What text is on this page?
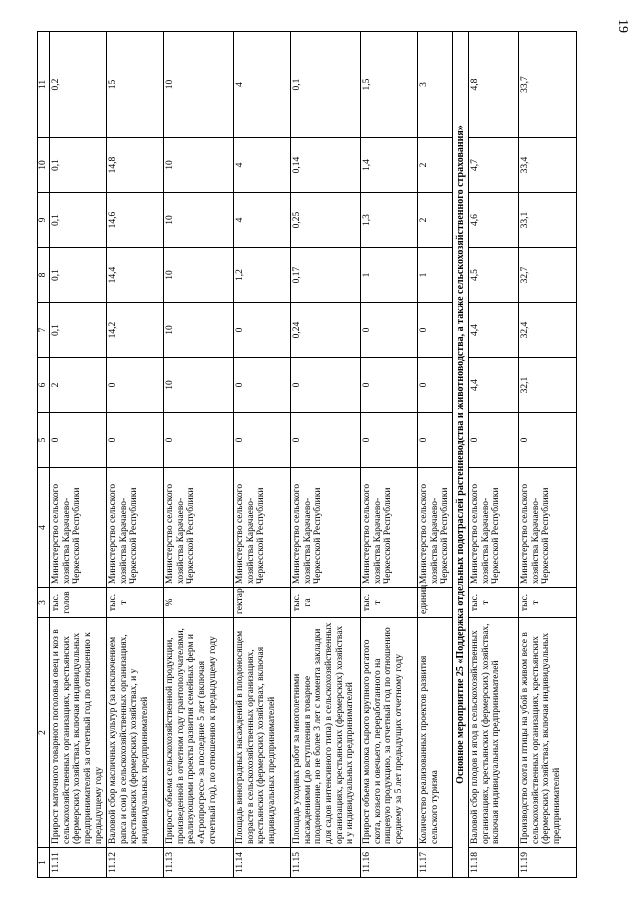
19
1	2	3	4	5	6	7	8	9	10	11
11.11	Прирост маточного товарного поголовья овец и коз в сельскохозяйственных организациях, крестьянских (фермерских) хозяйствах, включая индивидуальных предпринимателей за отчетный год по отношению к предыдущему году	тыс. голов	Министерство сельского хозяйства Карачаево-Черкесской Республики	0	2	0,1	0,1	0,1	0,1	0,2
11.12	Валовой сбор масличных культур (за исключением рапса и сои) в сельскохозяйственных организациях, крестьянских (фермерских) хозяйствах, и у индивидуальных предпринимателей	тыс. т	Министерство сельского хозяйства Карачаево-Черкесской Республики	0	0	14,2	14,4	14,6	14,8	15
11.13	Прирост объема сельскохозяйственной продукции, произведенной в отчетном году грантополучателями, реализующими проекты развития семейных ферм и «Агропрогресс» за последние 5 лет (включая отчетный год), по отношению к предыдущему году	%	Министерство сельского хозяйства Карачаево-Черкесской Республики	0	10	10	10	10	10	10
11.14	Площадь виноградных насаждений в плодоносящем возрасте в сельскохозяйственных организациях, крестьянских (фермерских) хозяйствах, включая индивидуальных предпринимателей	гектар	Министерство сельского хозяйства Карачаево-Черкесской Республики	0	0	0	1,2	4	4	4
11.15	Площадь уходных работ за многолетними насаждениями (до вступления в товарное плодоношение, но не более 3 лет с момента закладки для садов интенсивного типа) в сельскохозяйственных организациях, крестьянских (фермерских) хозяйствах и у индивидуальных предпринимателей	тыс. га	Министерство сельского хозяйства Карачаево-Черкесской Республики	0	0	0,24	0,17	0,25	0,14	0,1
11.16	Прирост объема молока сырого крупного рогатого скота, козьего и овечьего, переработанного на пищевую продукцию, за отчетный год по отношению среднему за 5 лет предыдущих отчетному году	тыс. т	Министерство сельского хозяйства Карачаево-Черкесской Республики	0	0	0	1	1,3	1,4	1,5
11.17	Количество реализованных проектов развития сельского туризма	единиц	Министерство сельского хозяйства Карачаево-Черкесской Республики	0	0	0	1	2	2	3
Основное мероприятие 25 «Поддержка отдельных подотраслей растениеводства и животноводства, а также сельскохозяйственного страхования»										
11.18	Валовой сбор плодов и ягод в сельскохозяйственных организациях, крестьянских (фермерских) хозяйствах, включая индивидуальных предпринимателей	тыс. т	Министерство сельского хозяйства Карачаево-Черкесской Республики	0	4,4	4,4	4,5	4,6	4,7	4,8
11.19	Производство скота и птицы на убой в живом весе в сельскохозяйственных организациях, крестьянских (фермерских) хозяйствах, включая индивидуальных предпринимателей	тыс. т	Министерство сельского хозяйства Карачаево-Черкесской Республики	0	32,1	32,4	32,7	33,1	33,4	33,7
